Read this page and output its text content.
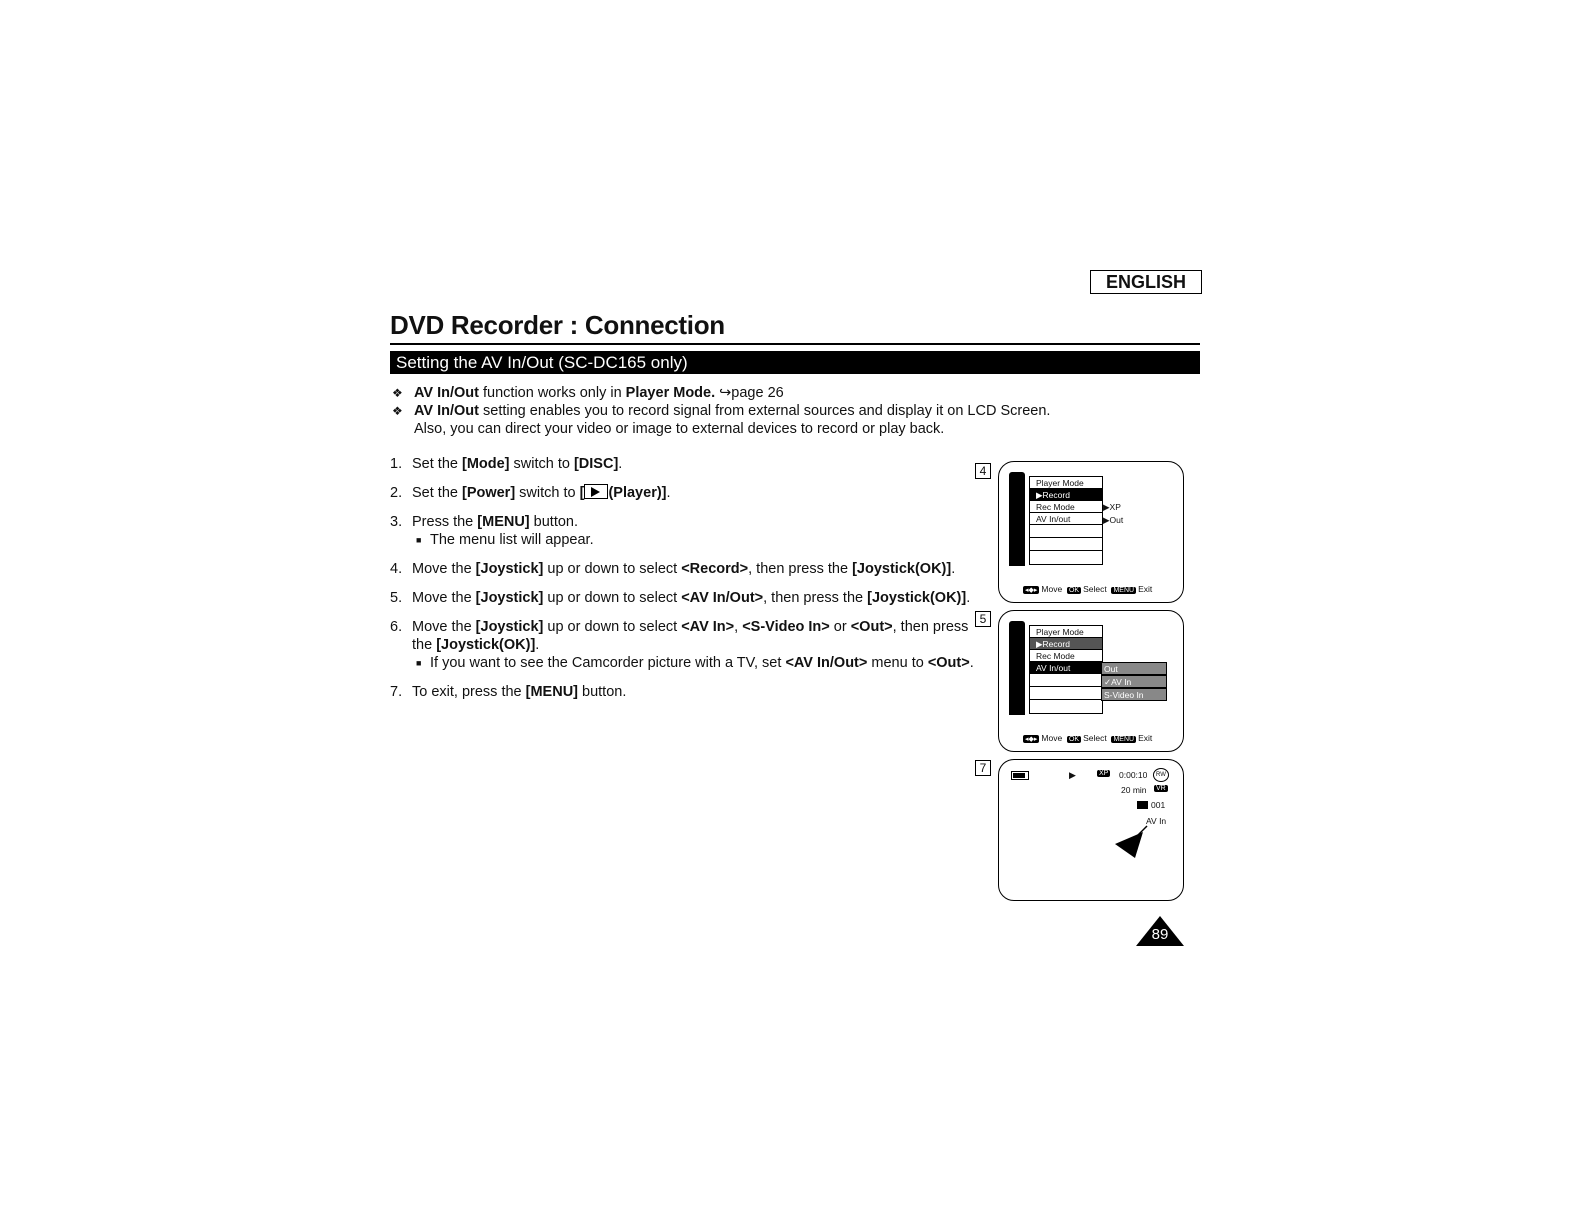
ENGLISH
DVD Recorder : Connection
Setting the AV In/Out (SC-DC165 only)
❖ AV In/Out function works only in Player Mode. ↪page 26
❖ AV In/Out setting enables you to record signal from external sources and display it on LCD Screen.
Also, you can direct your video or image to external devices to record or play back.
1. Set the [Mode] switch to [DISC].
2. Set the [Power] switch to [ (Player)].
3. Press the [MENU] button.
■ The menu list will appear.
4. Move the [Joystick] up or down to select <Record>, then press the [Joystick(OK)].
5. Move the [Joystick] up or down to select <AV In/Out>, then press the [Joystick(OK)].
6. Move the [Joystick] up or down to select <AV In>, <S-Video In> or <Out>, then press the [Joystick(OK)].
■ If you want to see the Camcorder picture with a TV, set <AV In/Out> menu to <Out>.
7. To exit, press the [MENU] button.
4
Player Mode
▶Record
Rec Mode
AV In/out
▶XP
▶Out
◂◆▸ Move OK Select MENU Exit
5
Player Mode
▶Record
Rec Mode
AV In/out	Out
✓AV In
S-Video In
◂◆▸ Move OK Select MENU Exit
7	▶	XP 0:00:10	RW
20 min VR
001
AV In
89
